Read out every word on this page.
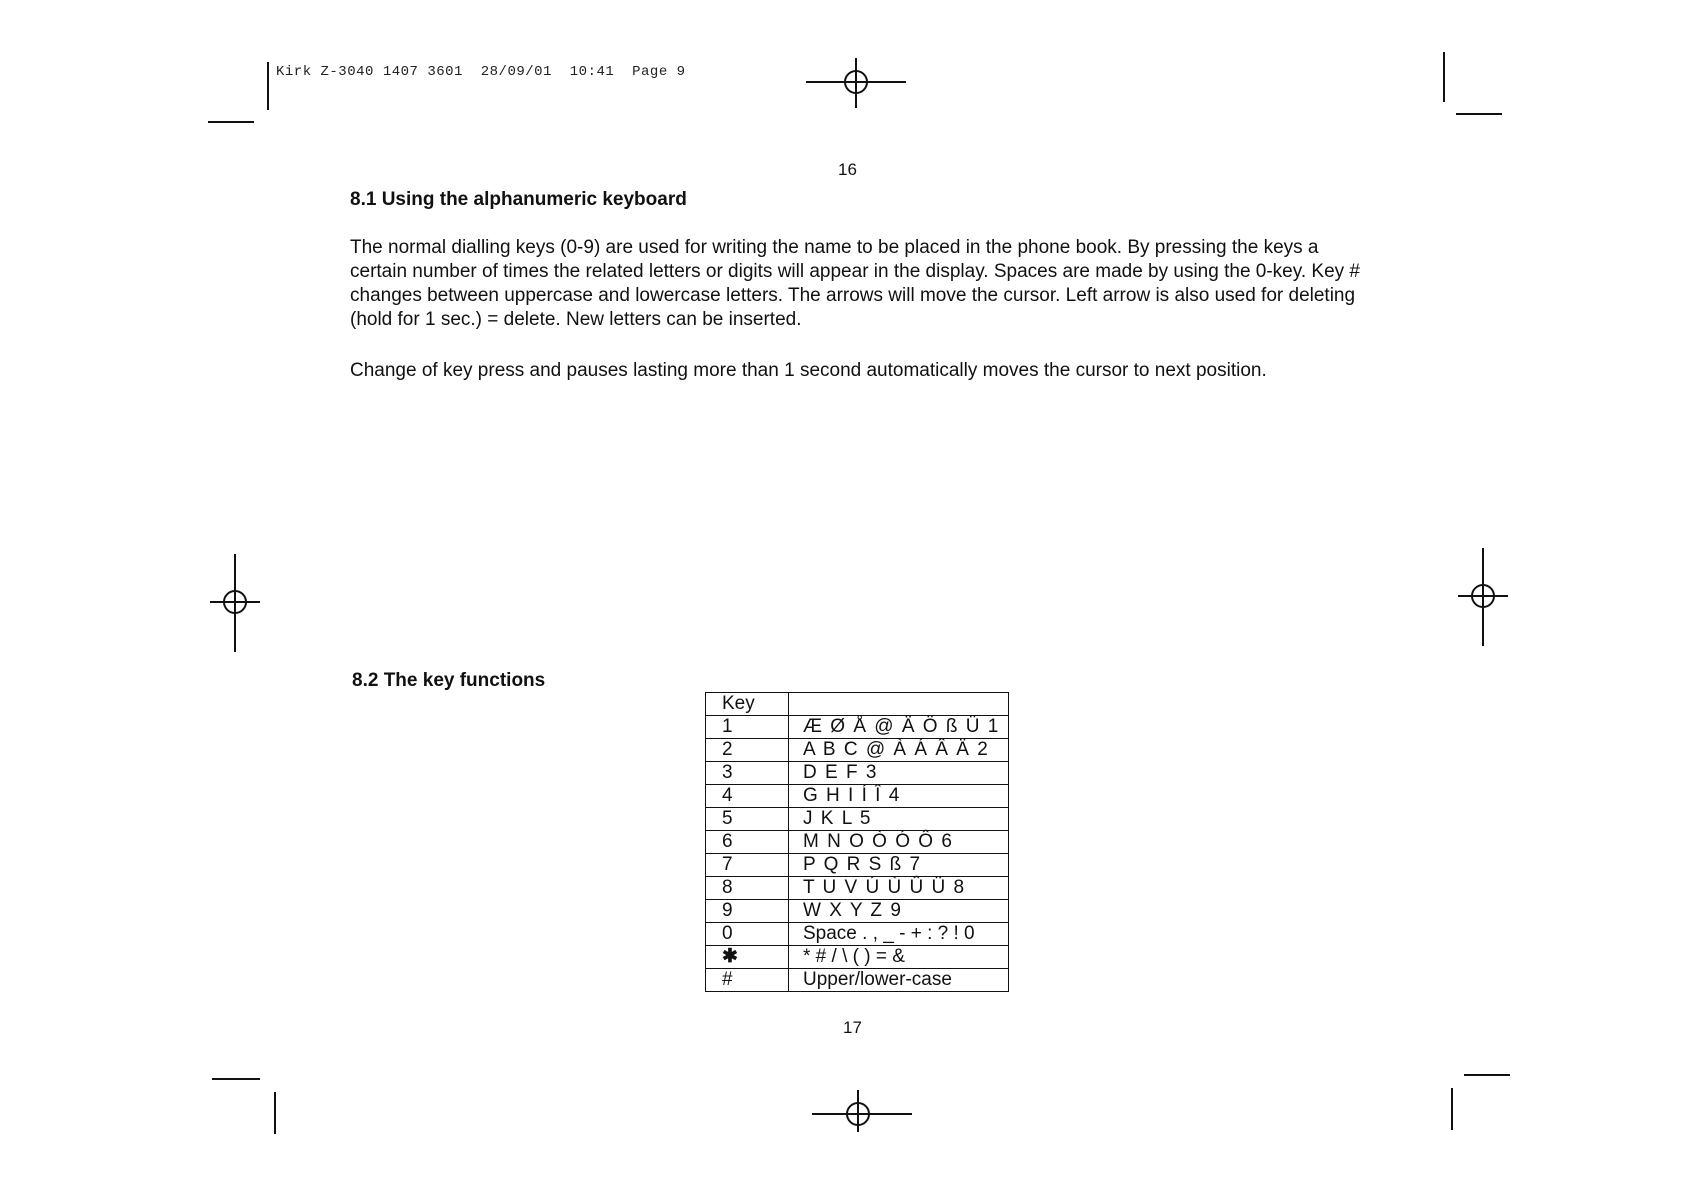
Kirk Z-3040 1407 3601 28/09/01 10:41 Page 9
16
17
8.1 Using the alphanumeric keyboard
The normal dialling keys (0-9) are used for writing the name to be placed in the phone book. By pressing the keys a certain number of times the related letters or digits will appear in the display. Spaces are made by using the 0-key. Key # changes between uppercase and lowercase letters. The arrows will move the cursor. Left arrow is also used for deleting (hold for 1 sec.) = delete. New letters can be inserted.
Change of key press and pauses lasting more than 1 second automatically moves the cursor to next position.
8.2 The key functions
Key	
1	Æ Ø Å @ Ä Ö ß Ü 1
2	A B C @ À Á Â Ä 2
3	D E F 3
4	G H I Í Î 4
5	J K L 5
6	M N O Ò Ó Ô 6
7	P Q R S ß 7
8	T U V Ú Ù Û Ü 8
9	W X Y Z 9
0	Space . , _ - + : ? ! 0
✱	* # / \ ( ) = &
#	Upper/lower-case
